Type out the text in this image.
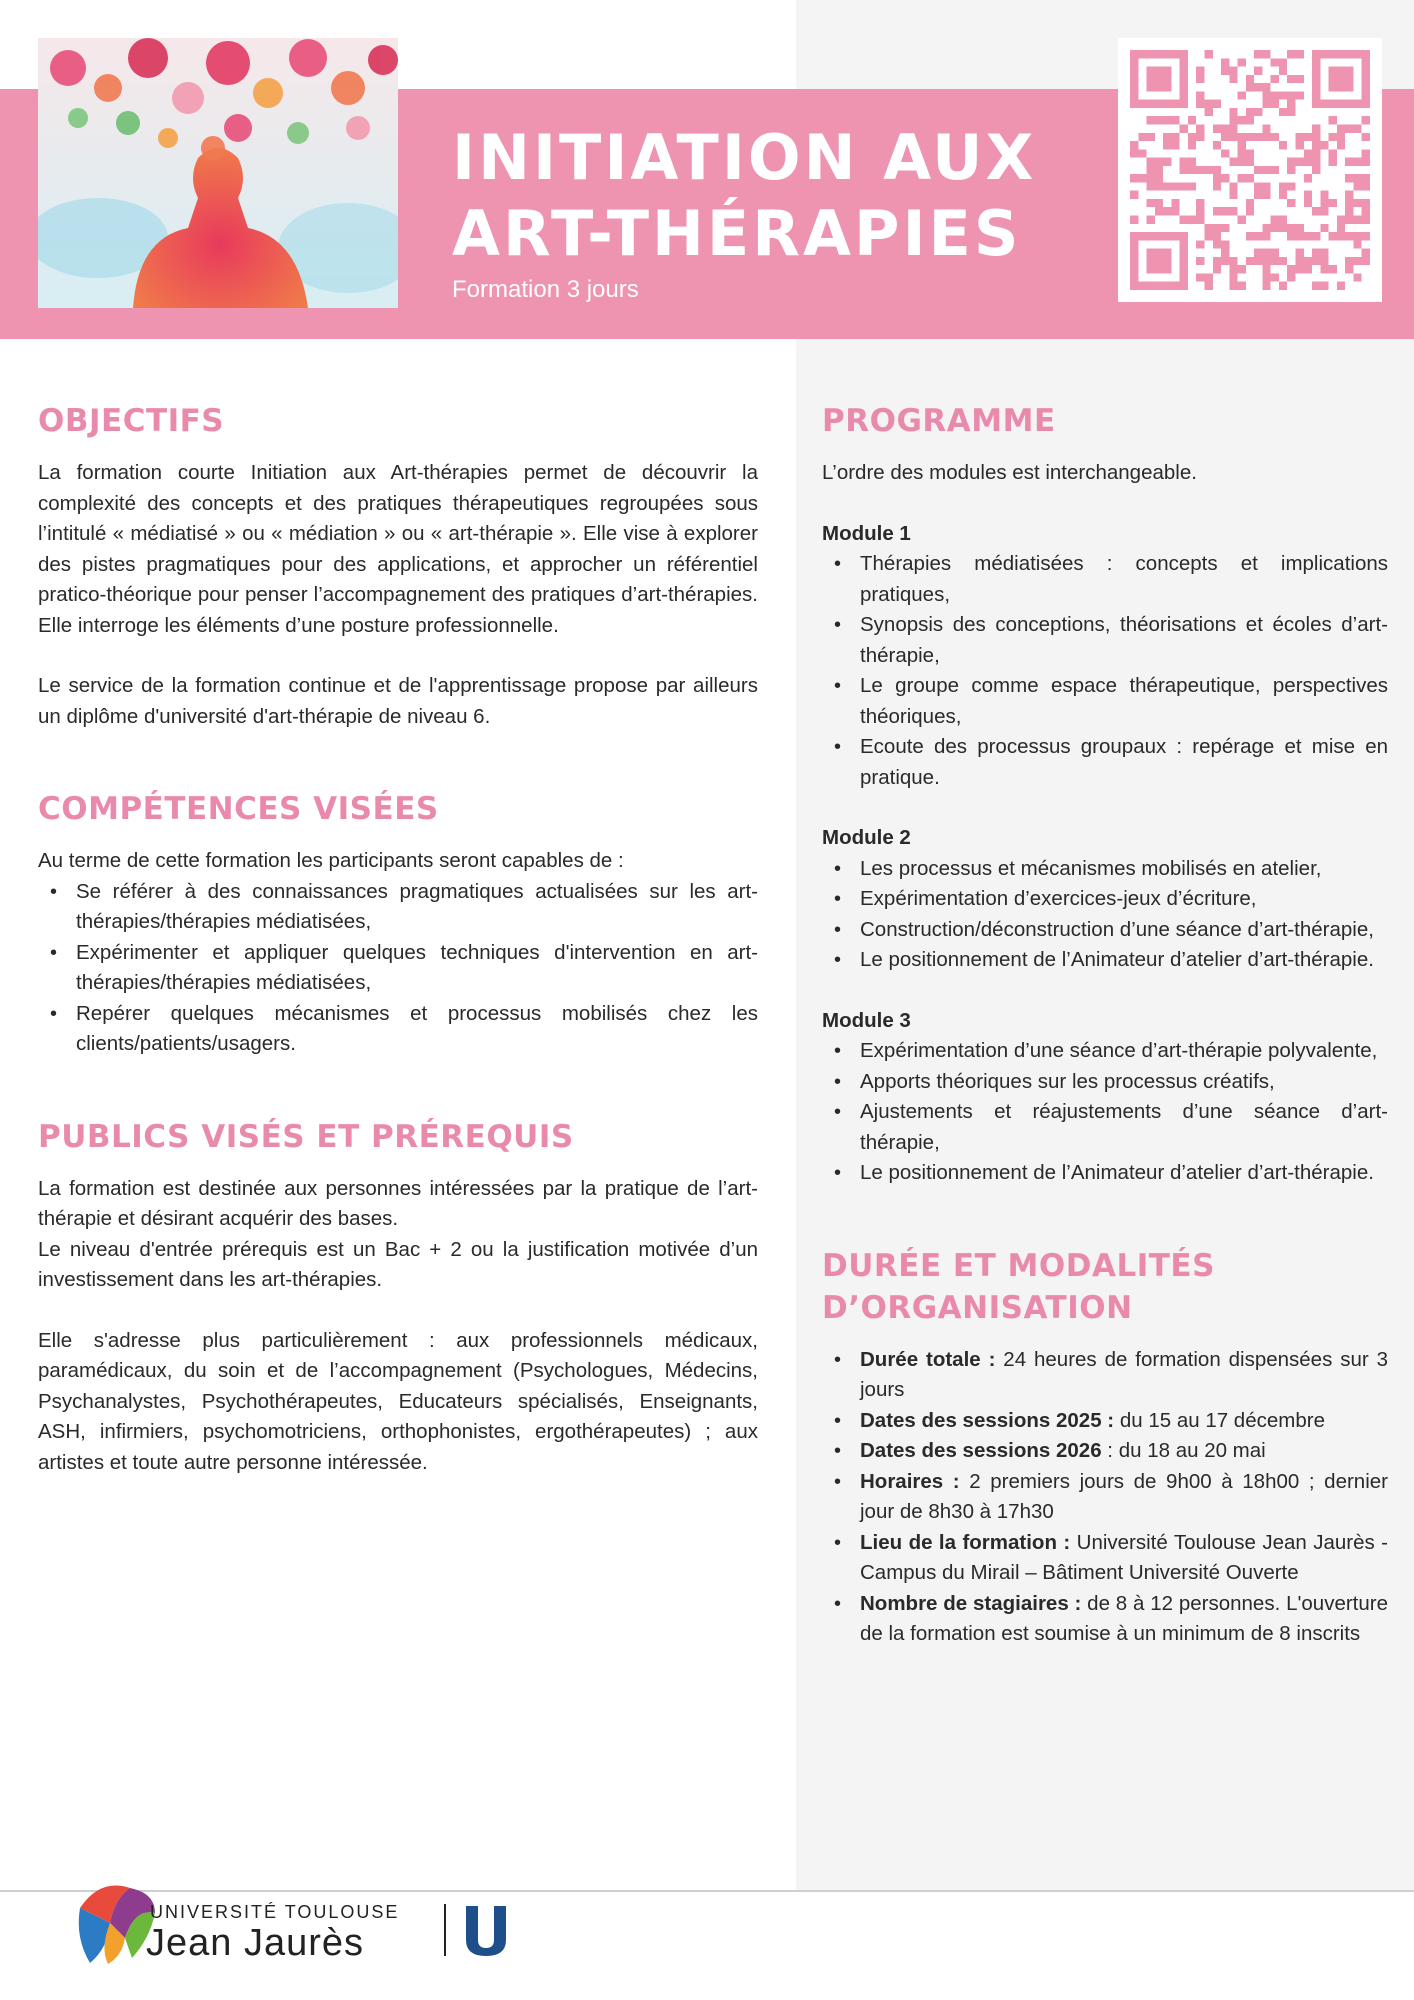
INITIATION AUX
ART-THÉRAPIES
Formation 3 jours
OBJECTIFS

La formation courte Initiation aux Art-thérapies permet de découvrir la complexité des concepts et des pratiques thérapeutiques regroupées sous l’intitulé « médiatisé » ou « médiation » ou « art-thérapie ». Elle vise à explorer des pistes pragmatiques pour des applications, et approcher un référentiel pratico-théorique pour penser l’accompagnement des pratiques d’art-thérapies. Elle interroge les éléments d’une posture professionnelle.

Le service de la formation continue et de l'apprentissage propose par ailleurs un diplôme d'université d'art-thérapie de niveau 6.

COMPÉTENCES VISÉES

Au terme de cette formation les participants seront capables de :

• Se référer à des connaissances pragmatiques actualisées sur les art-thérapies/thérapies médiatisées,
• Expérimenter et appliquer quelques techniques d'intervention en art-thérapies/thérapies médiatisées,
• Repérer quelques mécanismes et processus mobilisés chez les clients/patients/usagers.
PUBLICS VISÉS ET PRÉREQUIS

La formation est destinée aux personnes intéressées par la pratique de l’art-thérapie et désirant acquérir des bases.

Le niveau d'entrée prérequis est un Bac + 2 ou la justification motivée d’un investissement dans les art-thérapies.

Elle s'adresse plus particulièrement : aux professionnels médicaux, paramédicaux, du soin et de l’accompagnement (Psychologues, Médecins, Psychanalystes, Psychothérapeutes, Educateurs spécialisés, Enseignants, ASH, infirmiers, psychomotriciens, orthophonistes, ergothérapeutes) ; aux artistes et toute autre personne intéressée.

PROGRAMME

L’ordre des modules est interchangeable.

Module 1
• Thérapies médiatisées : concepts et implications pratiques,
• Synopsis des conceptions, théorisations et écoles d’art-thérapie,
• Le groupe comme espace thérapeutique, perspectives théoriques,
• Ecoute des processus groupaux : repérage et mise en pratique.
Module 2
• Les processus et mécanismes mobilisés en atelier,
• Expérimentation d’exercices-jeux d’écriture,
• Construction/déconstruction d’une séance d’art-thérapie,
• Le positionnement de l’Animateur d’atelier d’art-thérapie.
Module 3
• Expérimentation d’une séance d’art-thérapie polyvalente,
• Apports théoriques sur les processus créatifs,
• Ajustements et réajustements d’une séance d’art-thérapie,
• Le positionnement de l’Animateur d’atelier d’art-thérapie.
DURÉE ET MODALITÉS
D’ORGANISATION
• Durée totale : 24 heures de formation dispensées sur 3 jours
• Dates des sessions 2025 : du 15 au 17 décembre
• Dates des sessions 2026 : du 18 au 20 mai
• Horaires : 2 premiers jours de 9h00 à 18h00 ; dernier jour de 8h30 à 17h30
• Lieu de la formation : Université Toulouse Jean Jaurès - Campus du Mirail – Bâtiment Université Ouverte
• Nombre de stagiaires : de 8 à 12 personnes. L'ouverture de la formation est soumise à un minimum de 8 inscrits
UNIVERSITÉ TOULOUSE
Jean Jaurès
